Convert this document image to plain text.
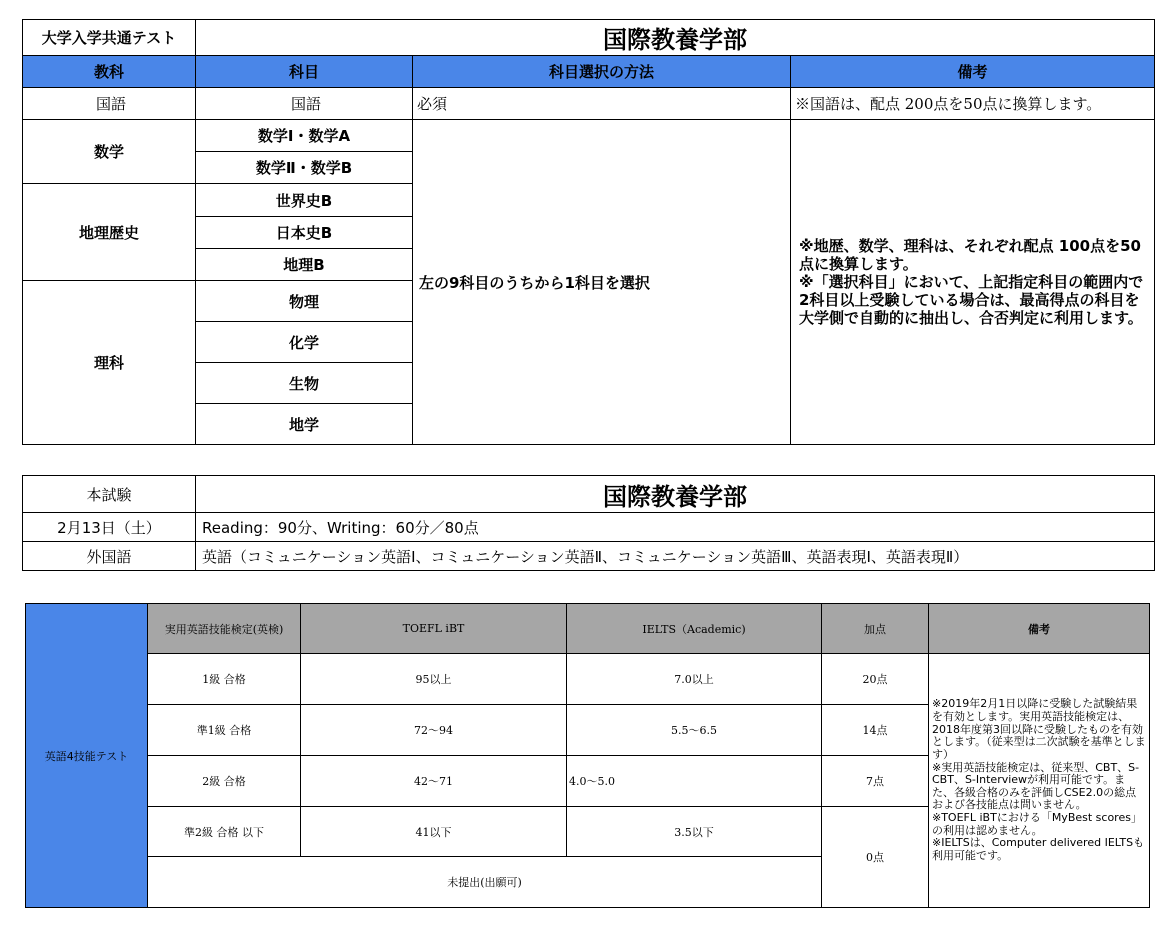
大学入学共通テスト	国際教養学部		
教科	科目	科目選択の方法	備考
国語	国語	必須	※国語は、配点 200点を50点に換算します。
数学	数学Ⅰ・数学A	左の9科目のうちから1科目を選択	※地歴、数学、理科は、それぞれ配点 100点を50点に換算します。
※「選択科目」において、上記指定科目の範囲内で2科目以上受験している場合は、最高得点の科目を大学側で自動的に抽出し、合否判定に利用します。
	数学Ⅱ・数学B		
地理歴史	世界史B		
	日本史B		
	地理B		
理科	物理		
	化学		
	生物		
	地学		
本試験	国際教養学部
2月13日（土）	Reading：90分、Writing：60分／80点
外国語	英語（コミュニケーション英語Ⅰ、コミュニケーション英語Ⅱ、コミュニケーション英語Ⅲ、英語表現Ⅰ、英語表現Ⅱ）
英語4技能テスト	実用英語技能検定(英検)	TOEFL iBT	IELTS（Academic)	加点	備考
	1級 合格	95以上	7.0以上	20点	※2019年2月1日以降に受験した試験結果を有効とします。実用英語技能検定は、2018年度第3回以降に受験したものを有効とします。（従来型は二次試験を基準とします）
※実用英語技能検定は、従来型、CBT、S-CBT、S-Interviewが利用可能です。また、各級合格のみを評価しCSE2.0の総点および各技能点は問いません。
※TOEFL iBTにおける「MyBest scores」の利用は認めません。
※IELTSは、Computer delivered IELTSも利用可能です。
	準1級 合格	72〜94	5.5〜6.5	14点	
	2級 合格	42〜71	4.0〜5.0	7点	
	準2級 合格 以下	41以下	3.5以下	0点	
	未提出(出願可)				
